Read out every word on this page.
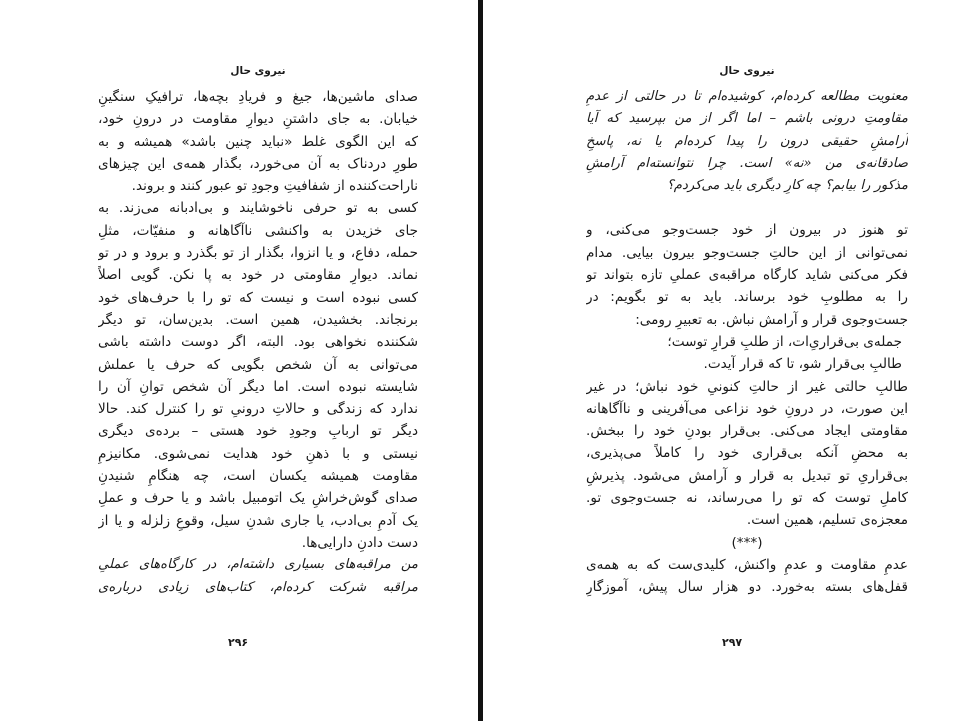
نیروی حال
صدای ماشین‌ها، جیغ و فریادِ بچه‌ها، ترافیکِ سنگینِ
خیابان. به جای داشتنِ دیوارِ مقاومت در درونِ خود،
که این الگوی غلط «نباید چنین باشد» همیشه و به
طورِ دردناک به آن می‌خورد، بگذار همه‌ی این چیزهای
ناراحت‌کننده از شفافیتِ وجودِ تو عبور کنند و بروند.
کسی به تو حرفی ناخوشایند و بی‌ادبانه می‌زند. به
جای خزیدن به واکنشی ناآگاهانه و منفیّات، مثلِ
حمله، دفاع، و یا انزوا، بگذار از تو بگذرد و برود و در تو
نماند. دیوارِ مقاومتی در خود به پا نکن. گویی اصلاً
کسی نبوده است و نیست که تو را با حرف‌های خود
برنجاند. بخشیدن، همین است. بدین‌سان، تو دیگر
شکننده نخواهی بود. البته، اگر دوست داشته باشی
می‌توانی به آن شخص بگویی که حرف یا عملش
شایسته نبوده است. اما دیگر آن شخص توانِ آن را
ندارد که زندگی و حالاتِ درونیِ تو را کنترل کند. حالا
دیگر تو اربابِ وجودِ خود هستی – برده‌ی دیگری
نیستی و با ذهنِ خود هدایت نمی‌شوی. مکانیزمِ
مقاومت همیشه یکسان است، چه هنگامِ شنیدنِ
صدای گوش‌خراشِ یک اتومبیل باشد و یا حرف و عملِ
یک آدمِ بی‌ادب، یا جاری شدنِ سیل، وقوعِ زلزله و یا از
دست دادنِ دارایی‌ها.
من مراقبه‌های بسیاری داشته‌ام، در کارگاه‌های عملیِ
مراقبه شرکت کرده‌ام، کتاب‌های زیادی درباره‌ی
نیروی حال
معنویت مطالعه کرده‌ام، کوشیده‌ام تا در حالتی از عدمِ
مقاومتِ درونی باشم – اما اگر از من بپرسید که آیا
آرامشِ حقیقی درون را پیدا کرده‌ام یا نه، پاسخِ
صادقانه‌ی من «نه» است. چرا نتوانسته‌ام آرامشِ
مذکور را بیابم؟ چه کارِ دیگری باید می‌کردم؟
تو هنوز در بیرون از خود جست‌وجو می‌کنی، و
نمی‌توانی از این حالتِ جست‌وجو بیرون بیایی. مدام
فکر می‌کنی شاید کارگاه مراقبه‌ی عملیِ تازه بتواند تو
را به مطلوبِ خود برساند. باید به تو بگویم: در
جست‌وجوی قرار و آرامش نباش. به تعبیرِ رومی:
جمله‌ی بی‌قراریِ‌ات، از طلبِ قرارِ توست؛
طالبِ بی‌قرار شو، تا که قرار آیدت.
طالبِ حالتی غیر از حالتِ کنونیِ خود نباش؛ در غیر
این صورت، در درونِ خود نزاعی می‌آفرینی و ناآگاهانه
مقاومتی ایجاد می‌کنی. بی‌قرار بودنِ خود را ببخش.
به محضِ آنکه بی‌قراری خود را کاملاً می‌پذیری،
بی‌قراریِ تو تبدیل به قرار و آرامش می‌شود. پذیرشِ
کاملِ توست که تو را می‌رساند، نه جست‌وجوی تو.
معجزه‌ی تسلیم، همین است.
(***)
عدمِ مقاومت و عدمِ واکنش، کلیدی‌ست که به همه‌ی
قفل‌های بسته به‌خورد. دو هزار سال پیش، آموزگارِ
۲۹۶	۲۹۷
